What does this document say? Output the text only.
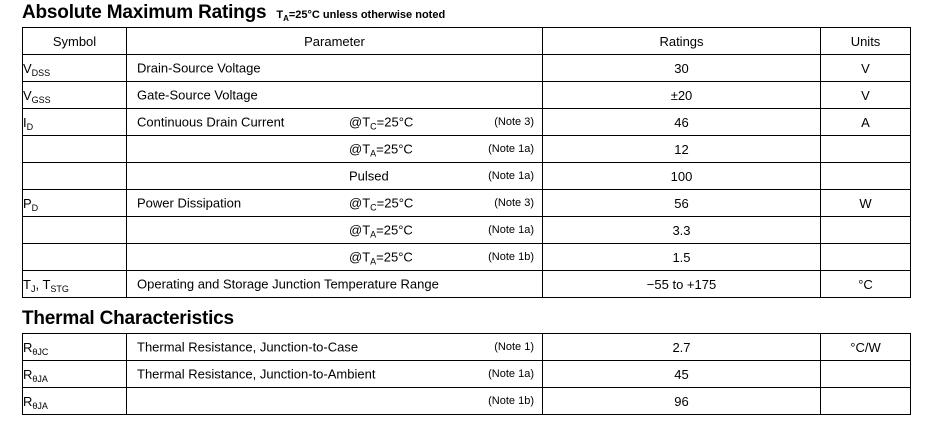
Absolute Maximum Ratings $T_A=25^\circ C$ unless otherwise noted
Symbol	Parameter	Ratings	Units
$V_{DSS}$	Drain-Source Voltage	30	V
$V_{GSS}$	Gate-Source Voltage	±20	V
$I_D$	Continuous Drain Current $@T_C=25^\circ C$ (Note 3)	46	A

	$@T_A=25^\circ C$ (Note 1a)	12	

	Pulsed (Note 1a)	100	
$P_D$	Power Dissipation $@T_C=25^\circ C$ (Note 3)	56	W

	$@T_A=25^\circ C$ (Note 1a)	3.3	

	$@T_A=25^\circ C$ (Note 1b)	1.5	
$T_J$, $T_{STG}$	Operating and Storage Junction Temperature Range	−55 to +175	°C
Thermal Characteristics
$R_{\theta JC}$	Thermal Resistance, Junction-to-Case (Note 1)	2.7	°C/W
$R_{\theta JA}$	Thermal Resistance, Junction-to-Ambient (Note 1a)	45	
$R_{\theta JA}$	(Note 1b)	96	
